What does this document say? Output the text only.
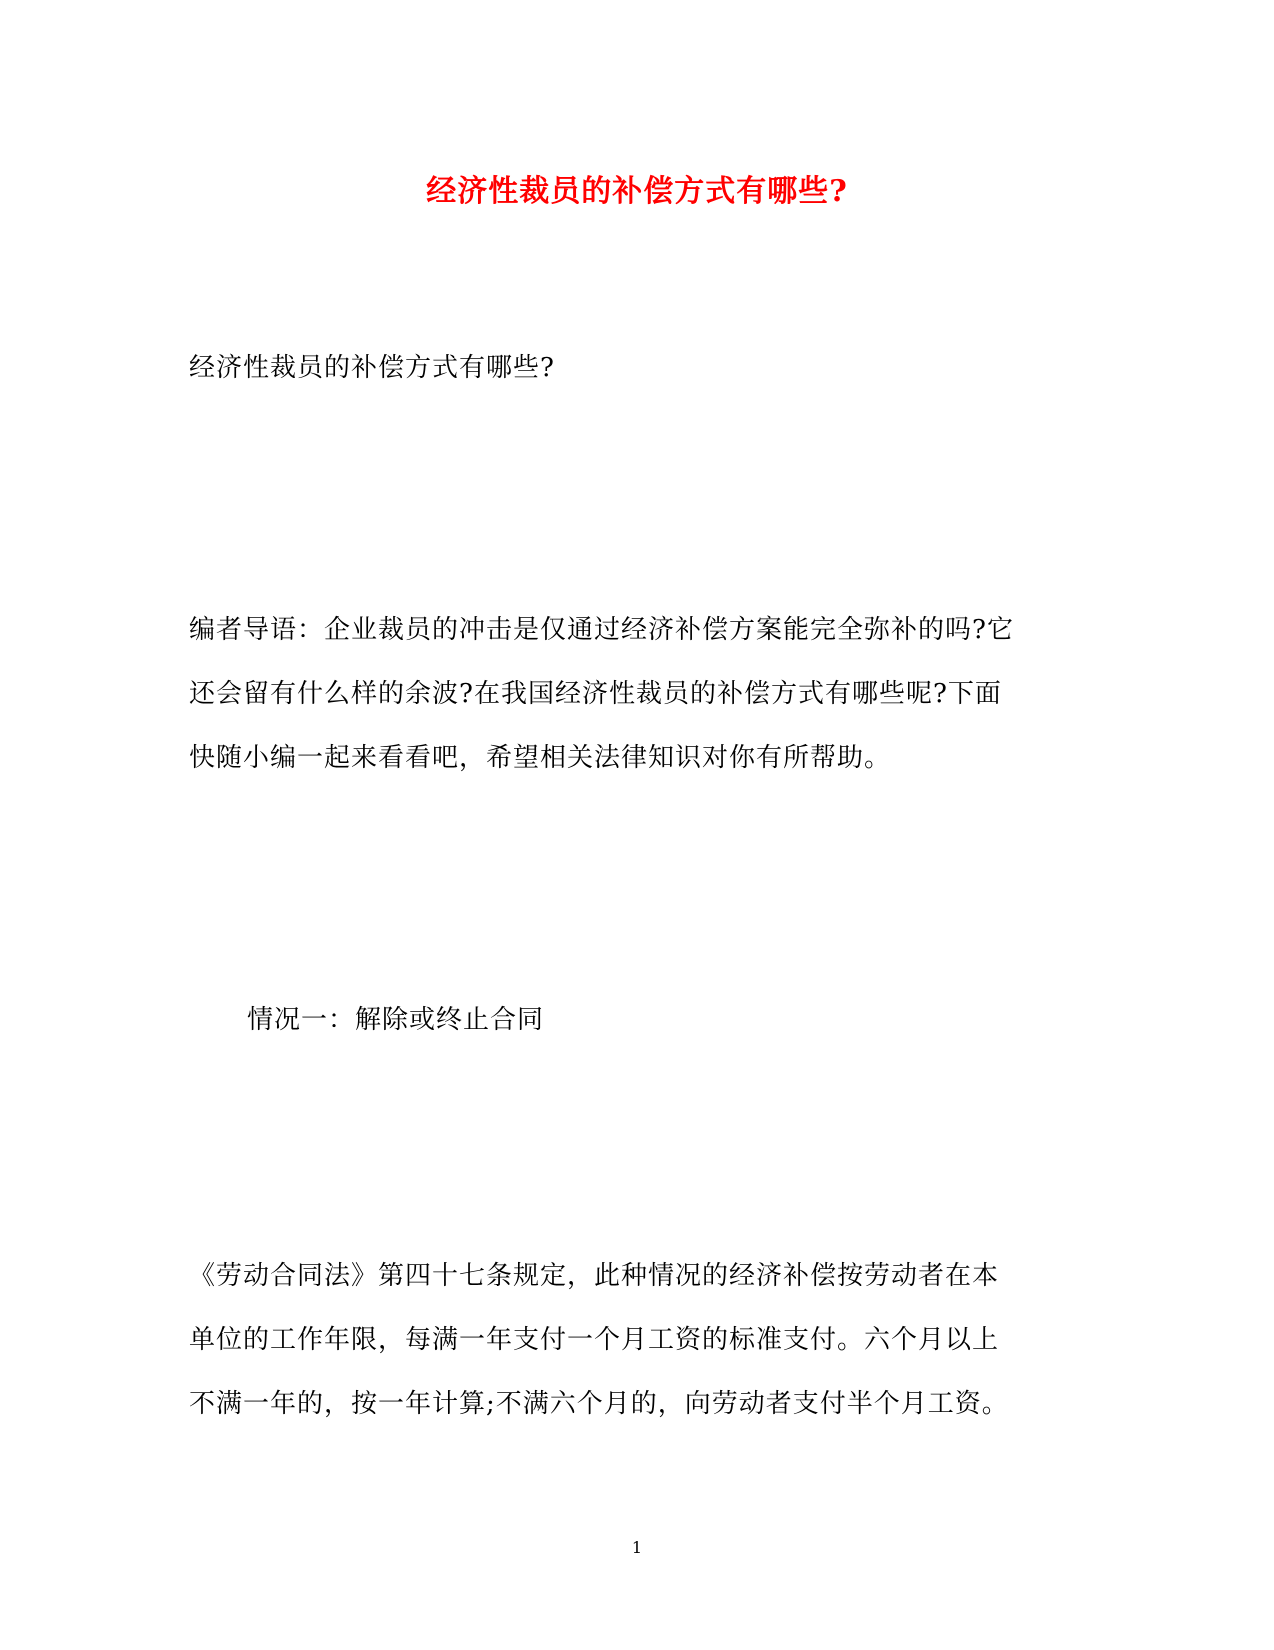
经济性裁员的补偿方式有哪些?
经济性裁员的补偿方式有哪些?
编者导语：企业裁员的冲击是仅通过经济补偿方案能完全弥补的吗?它
还会留有什么样的余波?在我国经济性裁员的补偿方式有哪些呢?下面
快随小编一起来看看吧，希望相关法律知识对你有所帮助。
情况一：解除或终止合同
《劳动合同法》第四十七条规定，此种情况的经济补偿按劳动者在本
单位的工作年限，每满一年支付一个月工资的标准支付。六个月以上
不满一年的，按一年计算;不满六个月的，向劳动者支付半个月工资。
1
